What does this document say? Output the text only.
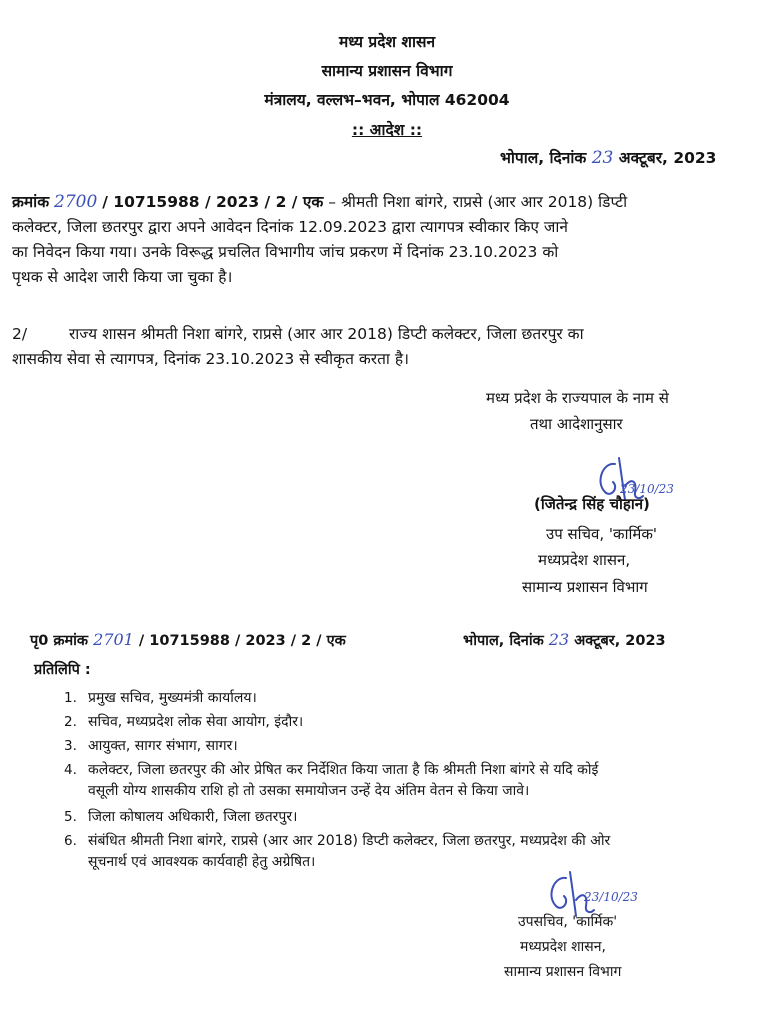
मध्य प्रदेश शासन
सामान्य प्रशासन विभाग
मंत्रालय, वल्लभ–भवन, भोपाल 462004
:: आदेश ::
भोपाल, दिनांक 23 अक्टूबर, 2023
क्रमांक 2700 / 10715988 / 2023 / 2 / एक – श्रीमती निशा बांगरे, राप्रसे (आर आर 2018) डिप्टी
कलेक्टर, जिला छतरपुर द्वारा अपने आवेदन दिनांक 12.09.2023 द्वारा त्यागपत्र स्वीकार किए जाने
का निवेदन किया गया। उनके विरूद्ध प्रचलित विभागीय जांच प्रकरण में दिनांक 23.10.2023 को
पृथक से आदेश जारी किया जा चुका है।
2/	राज्य शासन श्रीमती निशा बांगरे, राप्रसे (आर आर 2018) डिप्टी कलेक्टर, जिला छतरपुर का
शासकीय सेवा से त्यागपत्र, दिनांक 23.10.2023 से स्वीकृत करता है।
मध्य प्रदेश के राज्यपाल के नाम से
तथा आदेशानुसार
23/10/23
(जितेन्द्र सिंह चौहान)
उप सचिव, 'कार्मिक'
मध्यप्रदेश शासन,
सामान्य प्रशासन विभाग
पृ0 क्रमांक 2701 / 10715988 / 2023 / 2 / एक	भोपाल, दिनांक 23 अक्टूबर, 2023
प्रतिलिपि :
1. प्रमुख सचिव, मुख्यमंत्री कार्यालय।
2. सचिव, मध्यप्रदेश लोक सेवा आयोग, इंदौर।
3. आयुक्त, सागर संभाग, सागर।
4. कलेक्टर, जिला छतरपुर की ओर प्रेषित कर निर्देशित किया जाता है कि श्रीमती निशा बांगरे से यदि कोई
वसूली योग्य शासकीय राशि हो तो उसका समायोजन उन्हें देय अंतिम वेतन से किया जावे।
5. जिला कोषालय अधिकारी, जिला छतरपुर।
6. संबंधित श्रीमती निशा बांगरे, राप्रसे (आर आर 2018) डिप्टी कलेक्टर, जिला छतरपुर, मध्यप्रदेश की ओर
सूचनार्थ एवं आवश्यक कार्यवाही हेतु अग्रेषित।
23/10/23
उपसचिव, 'कार्मिक'
मध्यप्रदेश शासन,
सामान्य प्रशासन विभाग
